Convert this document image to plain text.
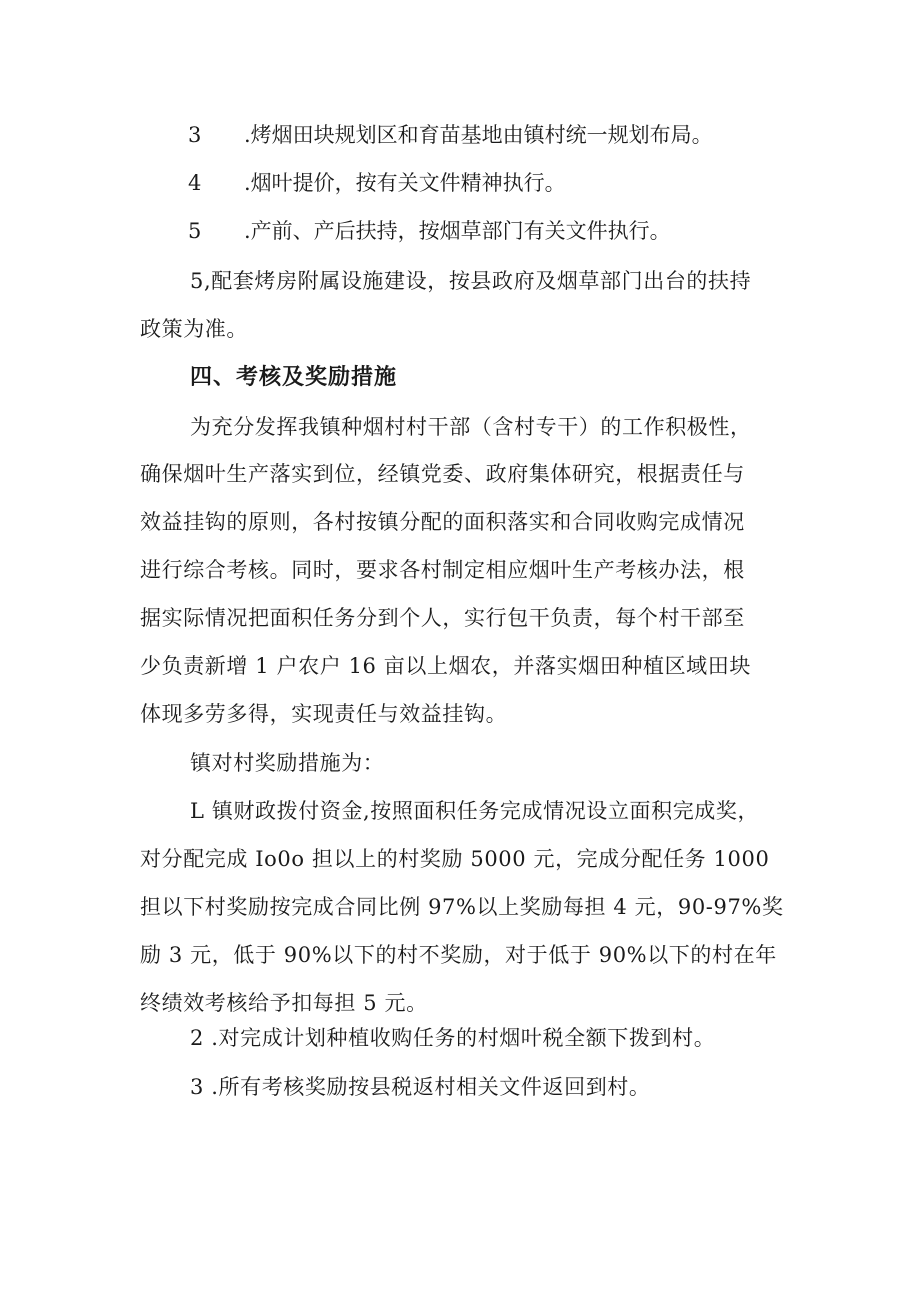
3 .烤烟田块规划区和育苗基地由镇村统一规划布局。
4 .烟叶提价，按有关文件精神执行。
5 .产前、产后扶持，按烟草部门有关文件执行。
5,配套烤房附属设施建设，按县政府及烟草部门出台的扶持
政策为准。
四、考核及奖励措施
为充分发挥我镇种烟村村干部（含村专干）的工作积极性，
确保烟叶生产落实到位，经镇党委、政府集体研究，根据责任与
效益挂钩的原则，各村按镇分配的面积落实和合同收购完成情况
进行综合考核。同时，要求各村制定相应烟叶生产考核办法，根
据实际情况把面积任务分到个人，实行包干负责，每个村干部至
少负责新增 1 户农户 16 亩以上烟农，并落实烟田种植区域田块
体现多劳多得，实现责任与效益挂钩。
镇对村奖励措施为：
L 镇财政拨付资金,按照面积任务完成情况设立面积完成奖，
对分配完成 Io0o 担以上的村奖励 5000 元，完成分配任务 1000
担以下村奖励按完成合同比例 97%以上奖励每担 4 元，90-97%奖
励 3 元，低于 90%以下的村不奖励，对于低于 90%以下的村在年
终绩效考核给予扣每担 5 元。
2 .对完成计划种植收购任务的村烟叶税全额下拨到村。
3 .所有考核奖励按县税返村相关文件返回到村。
